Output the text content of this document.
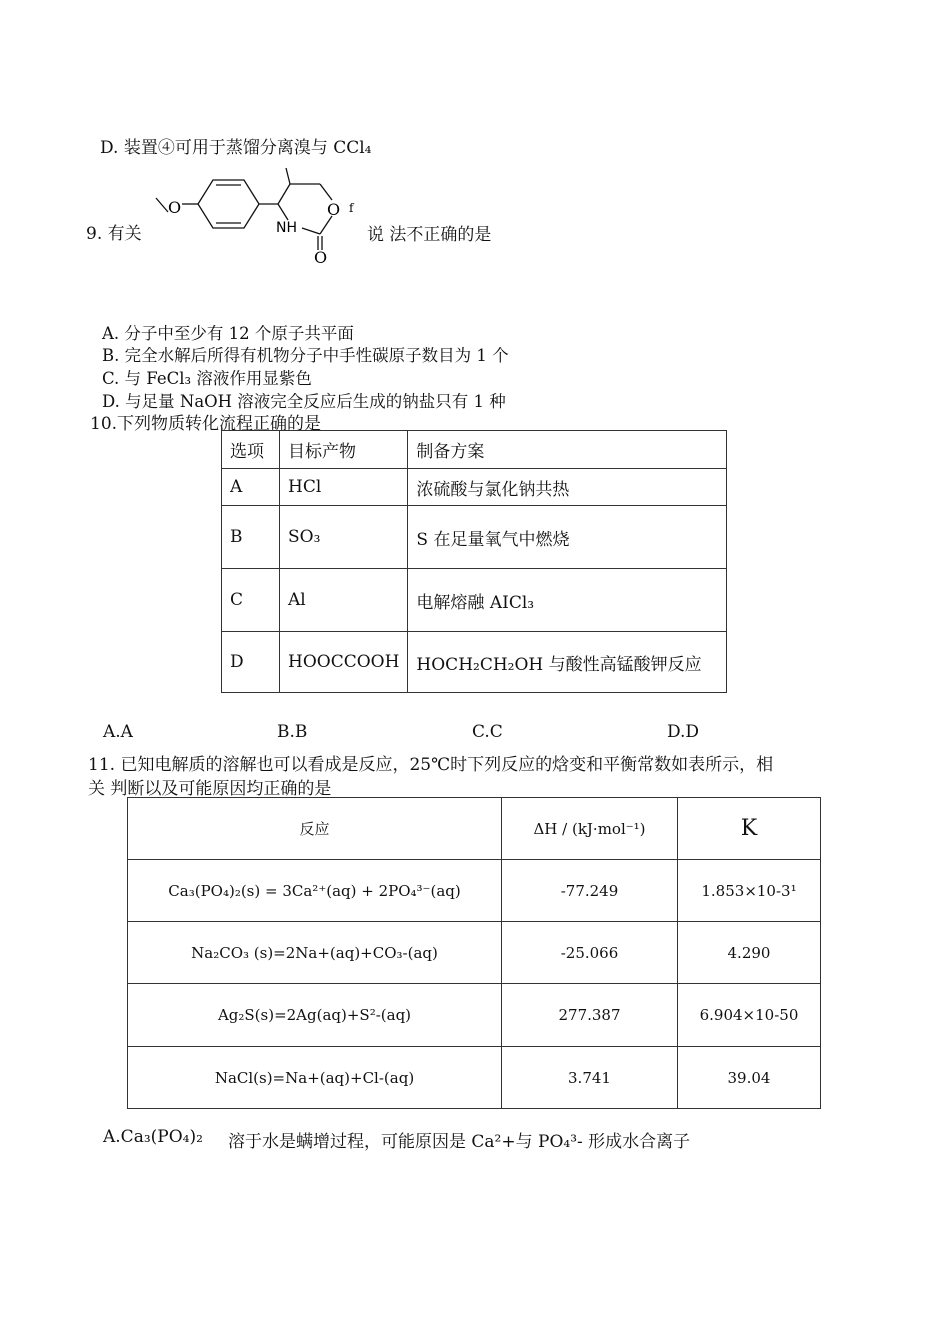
D. 装置④可用于蒸馏分离溴与 CCl₄
9. 有关
O	O
NH
O
f
说 法不正确的是
A. 分子中至少有 12 个原子共平面
B. 完全水解后所得有机物分子中手性碳原子数目为 1 个
C. 与 FeCl₃ 溶液作用显紫色
D. 与足量 NaOH 溶液完全反应后生成的钠盐只有 1 种
10.下列物质转化流程正确的是
选项	目标产物	制备方案
A	HCl	浓硫酸与氯化钠共热
B	SO₃	S 在足量氧气中燃烧
C	Al	电解熔融 AICl₃
D	HOOCCOOH	HOCH₂CH₂OH 与酸性高锰酸钾反应
A.A	B.B	C.C	D.D
11. 已知电解质的溶解也可以看成是反应，25℃时下列反应的焓变和平衡常数如表所示，相
关 判断以及可能原因均正确的是
反应	ΔH / (kJ·mol⁻¹)	K
Ca₃(PO₄)₂(s) = 3Ca²⁺(aq) + 2PO₄³⁻(aq)	-77.249	1.853×10-3¹
Na₂CO₃ (s)=2Na+(aq)+CO₃-(aq)	-25.066	4.290
Ag₂S(s)=2Ag(aq)+S²-(aq)	277.387	6.904×10-50
NaCl(s)=Na+(aq)+Cl-(aq)	3.741	39.04
A.Ca₃(PO₄)₂ 溶于水是螨增过程，可能原因是 Ca²+与 PO₄³- 形成水合离子
